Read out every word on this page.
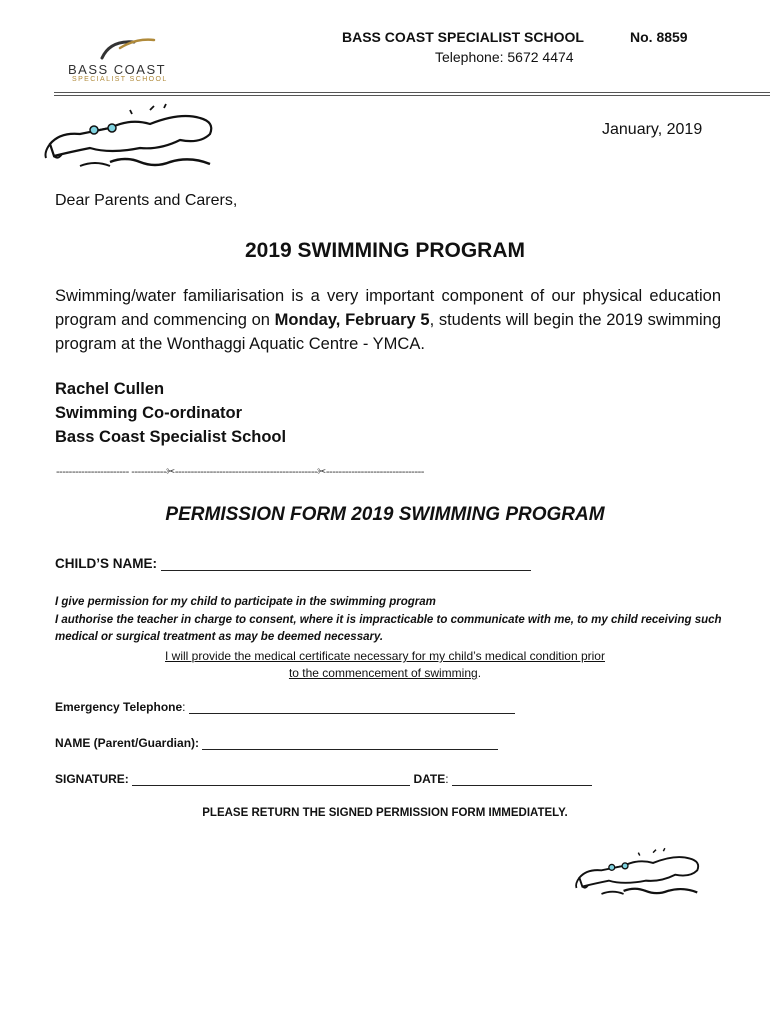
BASS COAST
SPECIALIST SCHOOL
BASS COAST SPECIALIST SCHOOL	No. 8859
Telephone: 5672 4474
January, 2019
Dear Parents and Carers,
2019 SWIMMING PROGRAM
Swimming/water familiarisation is a very important component of our physical education program and commencing on Monday, February 5, students will begin the 2019 swimming program at the Wonthaggi Aquatic Centre - YMCA.
Rachel Cullen
Swimming Co-ordinator
Bass Coast Specialist School
----------------------- -----------✂---------------------------------------------✂-------------------------------
PERMISSION FORM 2019 SWIMMING PROGRAM
CHILD’S NAME:
I give permission for my child to participate in the swimming program
I authorise the teacher in charge to consent, where it is impracticable to communicate with me, to my child receiving such medical or surgical treatment as may be deemed necessary.
I will provide the medical certificate necessary for my child’s medical condition prior
to the commencement of swimming.
Emergency Telephone:
NAME (Parent/Guardian):
SIGNATURE:	DATE:
PLEASE RETURN THE SIGNED PERMISSION FORM IMMEDIATELY.
